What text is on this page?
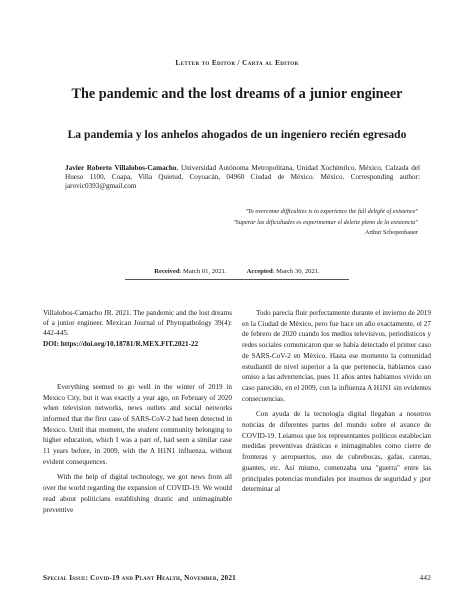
Letter to Editor / Carta al Editor
The pandemic and the lost dreams of a junior engineer
La pandemia y los anhelos ahogados de un ingeniero recién egresado
Javier Roberto Villalobos-Camacho, Universidad Autónoma Metropolitana, Unidad Xochimilco, México, Calzada del Hueso 1100, Coapa, Villa Quietud, Coyoacán, 04960 Ciudad de México. México. Corresponding author: jarovic0393@gmail.com
"To overcome difficulties is to experience the full delight of existence"
"Superar las dificultades es experimentar el deleite pleno de la existencia"
Arthur Schopenhauer
Received: March 01, 2021.	Accepted: March 30, 2021.

Villalobos-Camacho JR. 2021. The pandemic and the lost dreams of a junior engineer. Mexican Journal of Phytopathology 39(4): 442-445.

DOI: https://doi.org/10.18781/R.MEX.FIT.2021-22

Everything seemed to go well in the winter of 2019 in Mexico City, but it was exactly a year ago, on February of 2020 when television networks, news outlets and social networks informed that the first case of SARS-CoV-2 had been detected in Mexico. Until that moment, the student community belonging to higher education, which I was a part of, had seen a similar case 11 years before, in 2009, with the A H1N1 influenza, without evident consequences.

With the help of digital technology, we got news from all over the world regarding the expansion of COVID-19. We would read about politicians establishing drastic and unimaginable preventive

Todo parecía fluir perfectamente durante el invierno de 2019 en la Ciudad de México, pero fue hace un año exactamente, el 27 de febrero de 2020 cuando los medios televisivos, periodísticos y redes sociales comunicaron que se había detectado el primer caso de SARS-CoV-2 en México. Hasta ese momento la comunidad estudiantil de nivel superior a la que pertenecía, habíamos caso omiso a las advertencias, pues 11 años antes habíamos vivido un caso parecido, en el 2009, con la influenza A H1N1 sin evidentes consecuencias.

Con ayuda de la tecnología digital llegaban a nosotros noticias de diferentes partes del mundo sobre el avance de COVID-19. Leíamos que los representantes políticos establecían medidas preventivas drásticas e inimaginables como cierre de fronteras y aeropuertos, uso de cubrebocas, gafas, caretas, guantes, etc. Así mismo, comenzaba una "guerra" entre las principales potencias mundiales por insumos de seguridad y ¡por determinar al

Special Issue: Covid-19 and Plant Health, November, 2021	442
